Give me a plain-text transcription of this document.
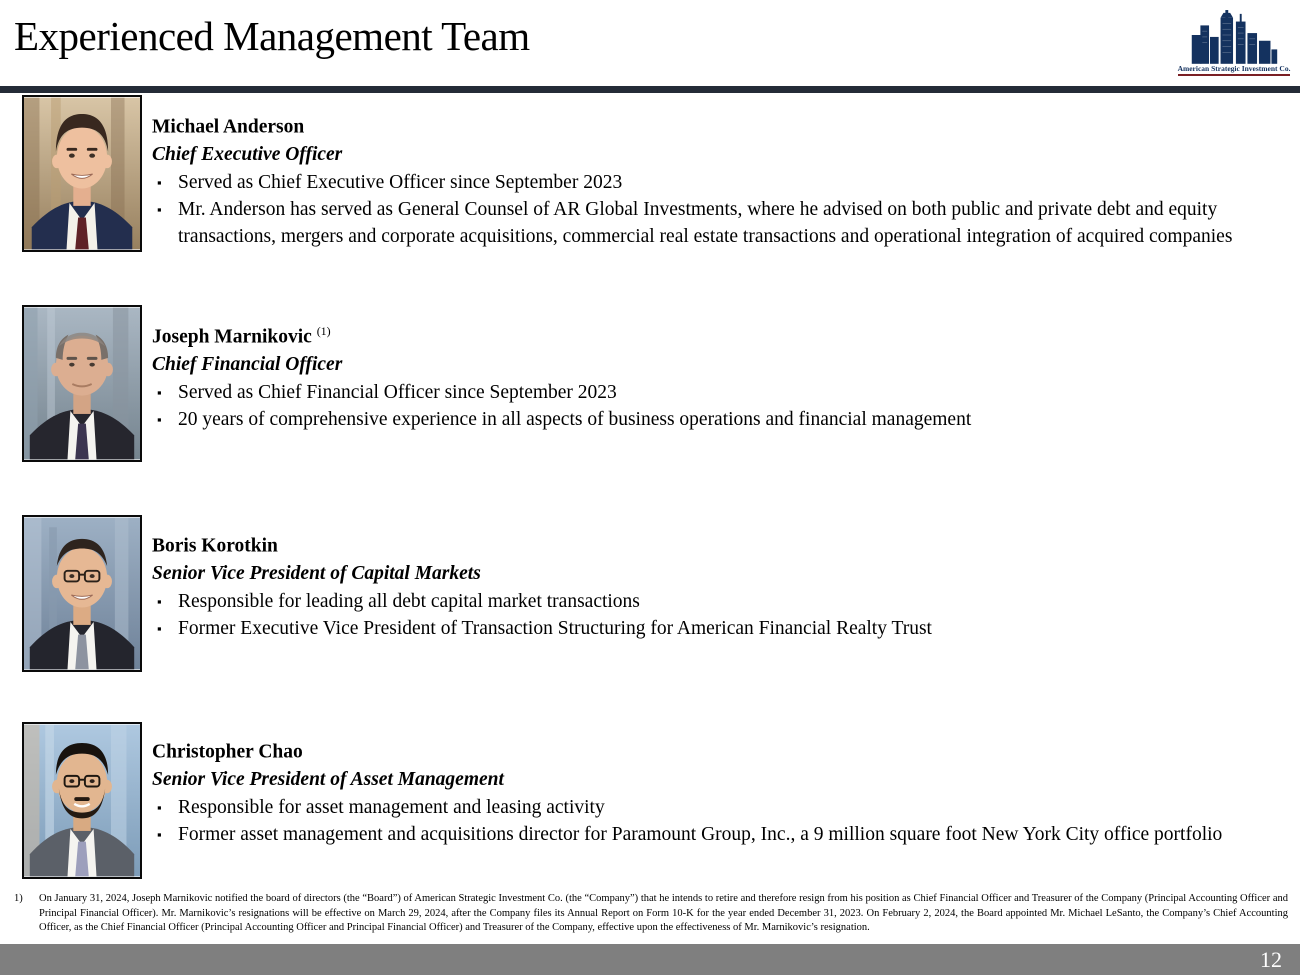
Experienced Management Team
American Strategic Investment Co.
Michael Anderson
Chief Executive Officer
▪ Served as Chief Executive Officer since September 2023
▪ Mr. Anderson has served as General Counsel of AR Global Investments, where he advised on both public and private debt and equity transactions, mergers and corporate acquisitions, commercial real estate transactions and operational integration of acquired companies
Joseph Marnikovic $^{(1)}$
Chief Financial Officer
▪ Served as Chief Financial Officer since September 2023
▪ 20 years of comprehensive experience in all aspects of business operations and financial management
Boris Korotkin
Senior Vice President of Capital Markets
▪ Responsible for leading all debt capital market transactions
▪ Former Executive Vice President of Transaction Structuring for American Financial Realty Trust
Christopher Chao
Senior Vice President of Asset Management
▪ Responsible for asset management and leasing activity
▪ Former asset management and acquisitions director for Paramount Group, Inc., a 9 million square foot New York City office portfolio
1)	On January 31, 2024, Joseph Marnikovic notified the board of directors (the “Board”) of American Strategic Investment Co. (the “Company”) that he intends to retire and therefore resign from his position as Chief Financial Officer and Treasurer of the Company (Principal Accounting Officer and Principal Financial Officer). Mr. Marnikovic’s resignations will be effective on March 29, 2024, after the Company files its Annual Report on Form 10-K for the year ended December 31, 2023. On February 2, 2024, the Board appointed Mr. Michael LeSanto, the Company’s Chief Accounting Officer, as the Chief Financial Officer (Principal Accounting Officer and Principal Financial Officer) and Treasurer of the Company, effective upon the effectiveness of Mr. Marnikovic’s resignation.
12
